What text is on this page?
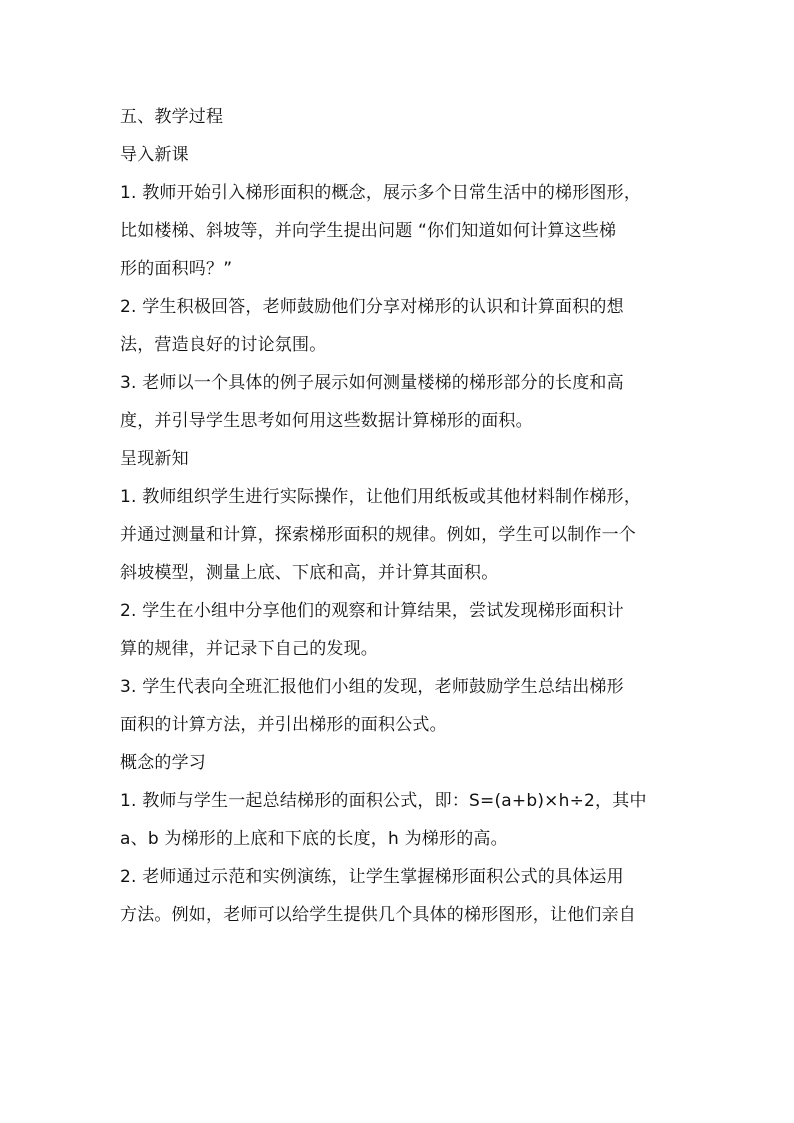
五、教学过程
导入新课
1. 教师开始引入梯形面积的概念，展示多个日常生活中的梯形图形，
比如楼梯、斜坡等，并向学生提出问题 “你们知道如何计算这些梯
形的面积吗？”
2. 学生积极回答，老师鼓励他们分享对梯形的认识和计算面积的想
法，营造良好的讨论氛围。
3. 老师以一个具体的例子展示如何测量楼梯的梯形部分的长度和高
度，并引导学生思考如何用这些数据计算梯形的面积。
呈现新知
1. 教师组织学生进行实际操作，让他们用纸板或其他材料制作梯形，
并通过测量和计算，探索梯形面积的规律。例如，学生可以制作一个
斜坡模型，测量上底、下底和高，并计算其面积。
2. 学生在小组中分享他们的观察和计算结果，尝试发现梯形面积计
算的规律，并记录下自己的发现。
3. 学生代表向全班汇报他们小组的发现，老师鼓励学生总结出梯形
面积的计算方法，并引出梯形的面积公式。
概念的学习
1. 教师与学生一起总结梯形的面积公式，即：S=(a+b)×h÷2，其中
a、b 为梯形的上底和下底的长度，h 为梯形的高。
2. 老师通过示范和实例演练，让学生掌握梯形面积公式的具体运用
方法。例如，老师可以给学生提供几个具体的梯形图形，让他们亲自
